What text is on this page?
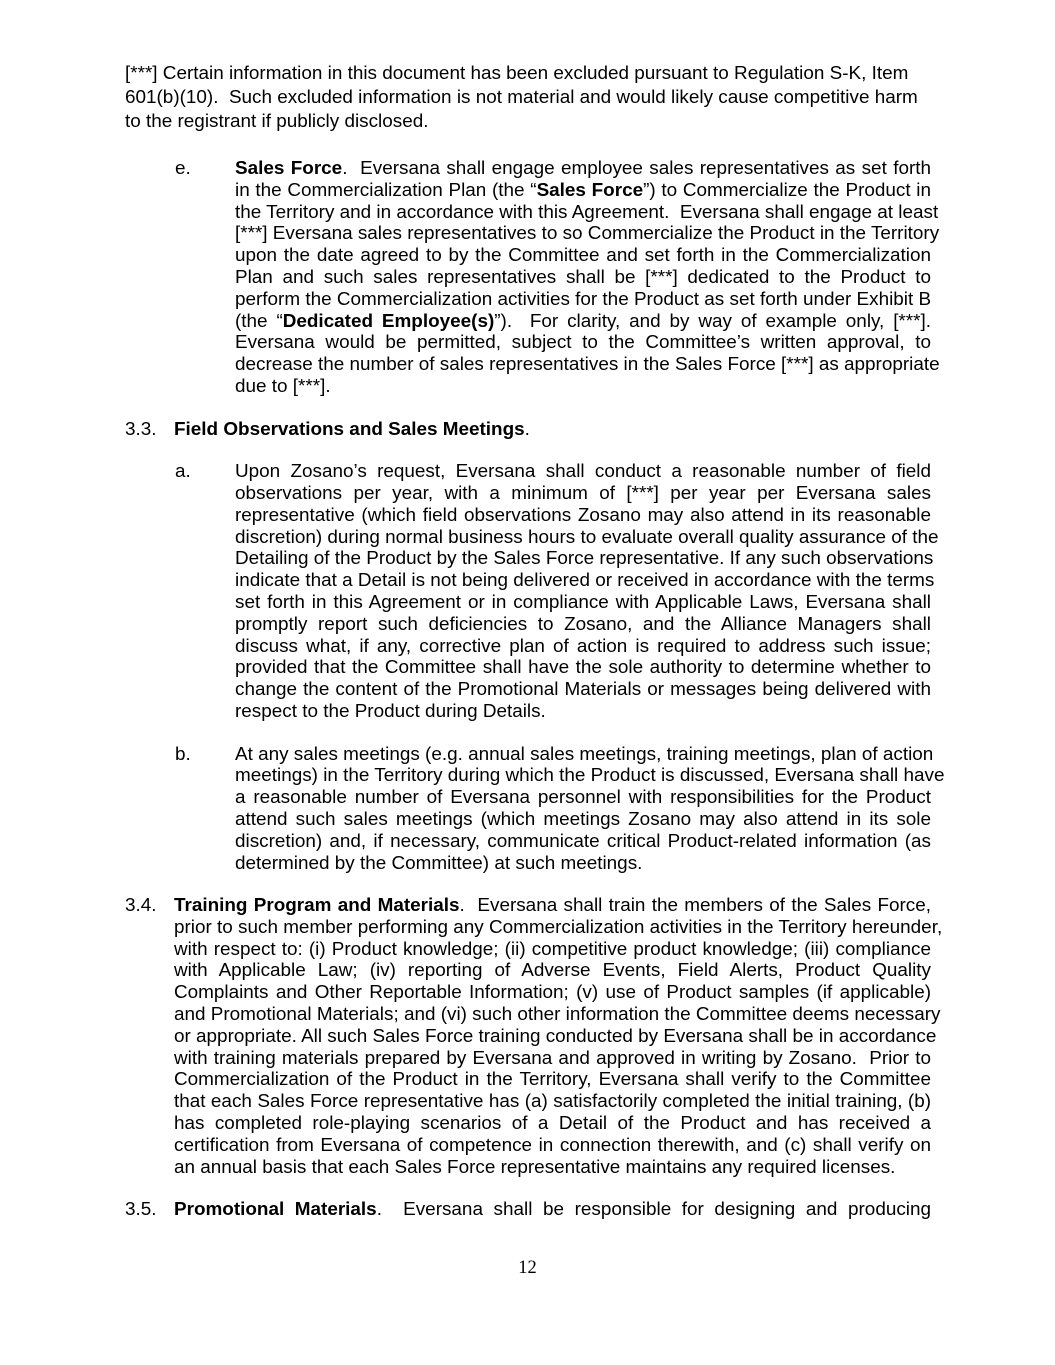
[***] Certain information in this document has been excluded pursuant to Regulation S-K, Item
601(b)(10).  Such excluded information is not material and would likely cause competitive harm
to the registrant if publicly disclosed.
e. Sales Force.  Eversana shall engage employee sales representatives as set forth
in the Commercialization Plan (the “Sales Force”) to Commercialize the Product in
the Territory and in accordance with this Agreement.  Eversana shall engage at least
[***] Eversana sales representatives to so Commercialize the Product in the Territory
upon the date agreed to by the Committee and set forth in the Commercialization
Plan and such sales representatives shall be [***] dedicated to the Product to
perform the Commercialization activities for the Product as set forth under Exhibit B
(the “Dedicated Employee(s)”).  For clarity, and by way of example only, [***].
Eversana would be permitted, subject to the Committee’s written approval, to
decrease the number of sales representatives in the Sales Force [***] as appropriate
due to [***].
3.3. Field Observations and Sales Meetings.
a. Upon Zosano’s request, Eversana shall conduct a reasonable number of field
observations per year, with a minimum of [***] per year per Eversana sales
representative (which field observations Zosano may also attend in its reasonable
discretion) during normal business hours to evaluate overall quality assurance of the
Detailing of the Product by the Sales Force representative. If any such observations
indicate that a Detail is not being delivered or received in accordance with the terms
set forth in this Agreement or in compliance with Applicable Laws, Eversana shall
promptly report such deficiencies to Zosano, and the Alliance Managers shall
discuss what, if any, corrective plan of action is required to address such issue;
provided that the Committee shall have the sole authority to determine whether to
change the content of the Promotional Materials or messages being delivered with
respect to the Product during Details.
b. At any sales meetings (e.g. annual sales meetings, training meetings, plan of action
meetings) in the Territory during which the Product is discussed, Eversana shall have
a reasonable number of Eversana personnel with responsibilities for the Product
attend such sales meetings (which meetings Zosano may also attend in its sole
discretion) and, if necessary, communicate critical Product-related information (as
determined by the Committee) at such meetings.
3.4. Training Program and Materials.  Eversana shall train the members of the Sales Force,
prior to such member performing any Commercialization activities in the Territory hereunder,
with respect to: (i) Product knowledge; (ii) competitive product knowledge; (iii) compliance
with Applicable Law; (iv) reporting of Adverse Events, Field Alerts, Product Quality
Complaints and Other Reportable Information; (v) use of Product samples (if applicable)
and Promotional Materials; and (vi) such other information the Committee deems necessary
or appropriate. All such Sales Force training conducted by Eversana shall be in accordance
with training materials prepared by Eversana and approved in writing by Zosano.  Prior to
Commercialization of the Product in the Territory, Eversana shall verify to the Committee
that each Sales Force representative has (a) satisfactorily completed the initial training, (b)
has completed role-playing scenarios of a Detail of the Product and has received a
certification from Eversana of competence in connection therewith, and (c) shall verify on
an annual basis that each Sales Force representative maintains any required licenses.
3.5. Promotional Materials.  Eversana shall be responsible for designing and producing
12
